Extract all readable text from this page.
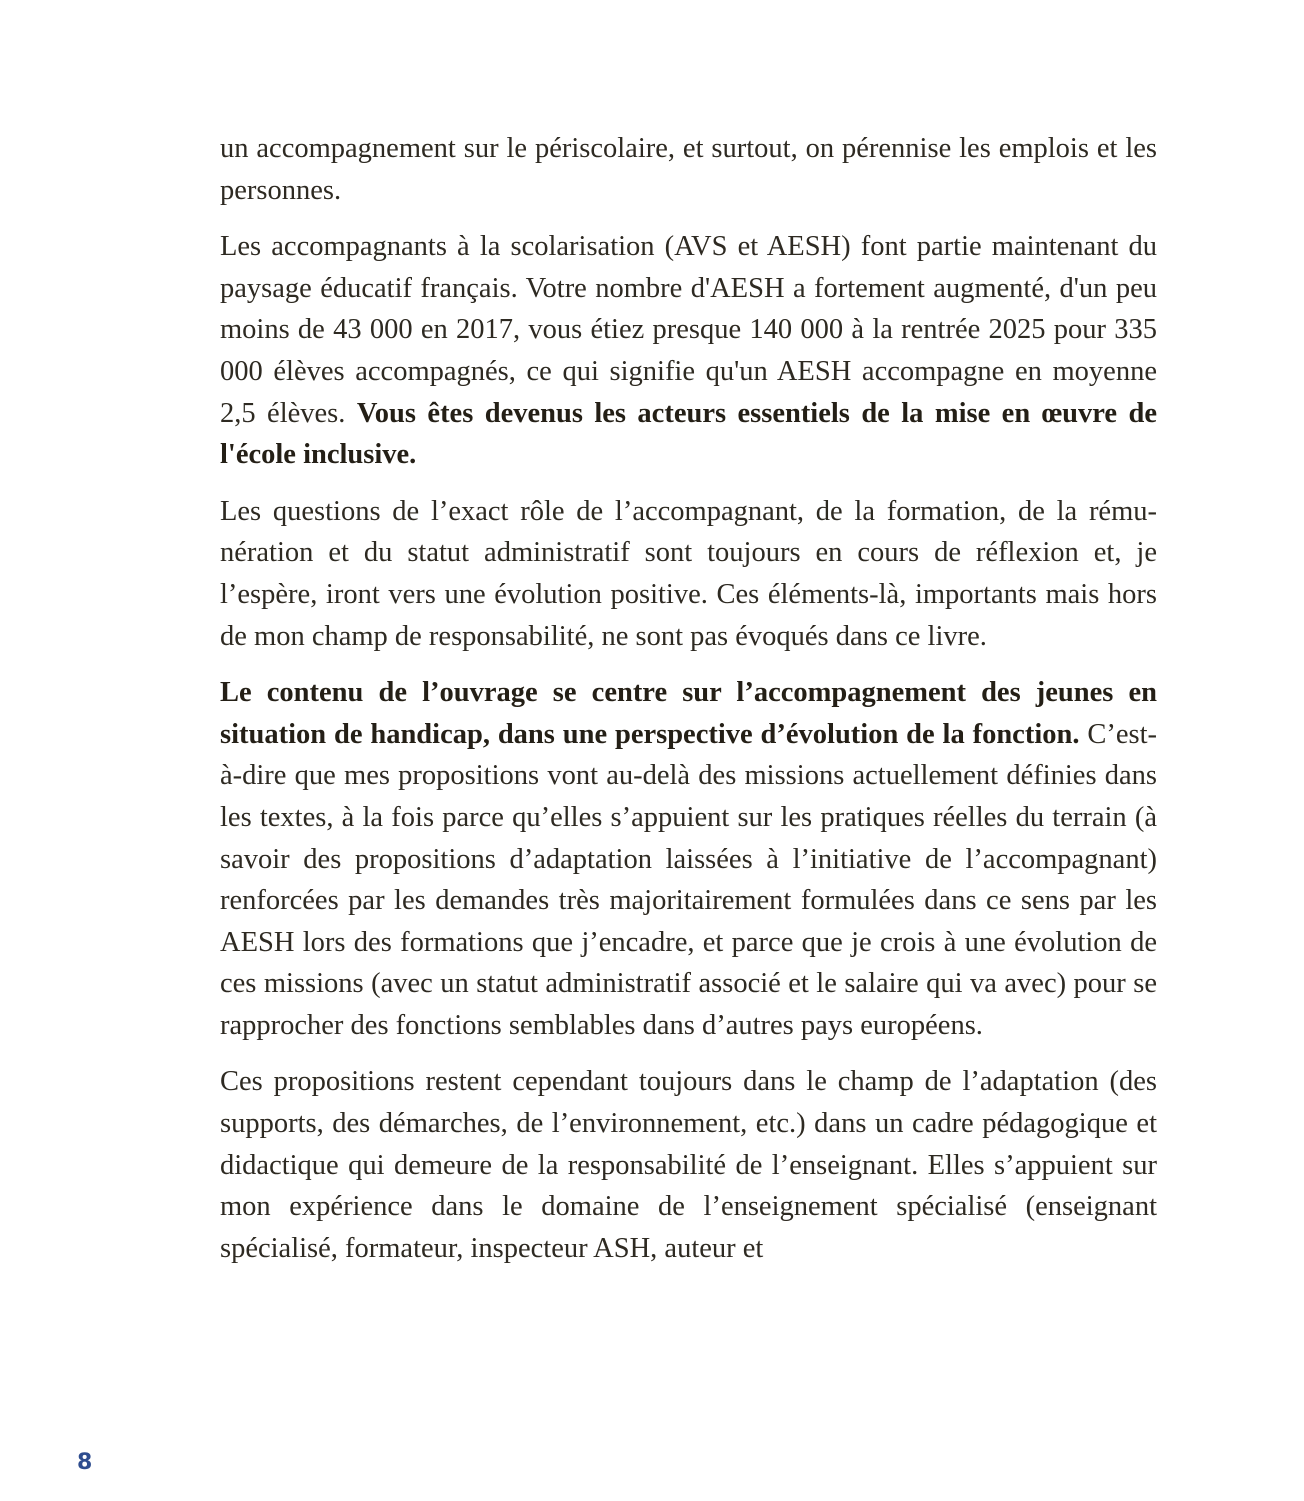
un accompagnement sur le périscolaire, et surtout, on pérennise les emplois et les personnes.

Les accompagnants à la scolarisation (AVS et AESH) font partie maintenant du paysage éducatif français. Votre nombre d'AESH a fortement augmenté, d'un peu moins de 43 000 en 2017, vous étiez presque 140 000 à la rentrée 2025 pour 335 000 élèves accompagnés, ce qui signifie qu'un AESH accompagne en moyenne 2,5 élèves. Vous êtes devenus les acteurs essentiels de la mise en œuvre de l'école inclusive.

Les questions de l’exact rôle de l’accompagnant, de la formation, de la rémunération et du statut administratif sont toujours en cours de réflexion et, je l’espère, iront vers une évolution positive. Ces éléments-là, importants mais hors de mon champ de responsabilité, ne sont pas évoqués dans ce livre.

Le contenu de l’ouvrage se centre sur l’accompagnement des jeunes en situation de handicap, dans une perspective d’évolution de la fonction. C’est-à-dire que mes propositions vont au-delà des missions actuellement définies dans les textes, à la fois parce qu’elles s’appuient sur les pratiques réelles du terrain (à savoir des propositions d’adaptation laissées à l’initiative de l’accompagnant) renforcées par les demandes très majoritairement formulées dans ce sens par les AESH lors des formations que j’encadre, et parce que je crois à une évolution de ces missions (avec un statut administratif associé et le salaire qui va avec) pour se rapprocher des fonctions semblables dans d’autres pays européens.

Ces propositions restent cependant toujours dans le champ de l’adaptation (des supports, des démarches, de l’environnement, etc.) dans un cadre pédagogique et didactique qui demeure de la responsabilité de l’enseignant. Elles s’appuient sur mon expérience dans le domaine de l’enseignement spécialisé (enseignant spécialisé, formateur, inspecteur ASH, auteur et

8
